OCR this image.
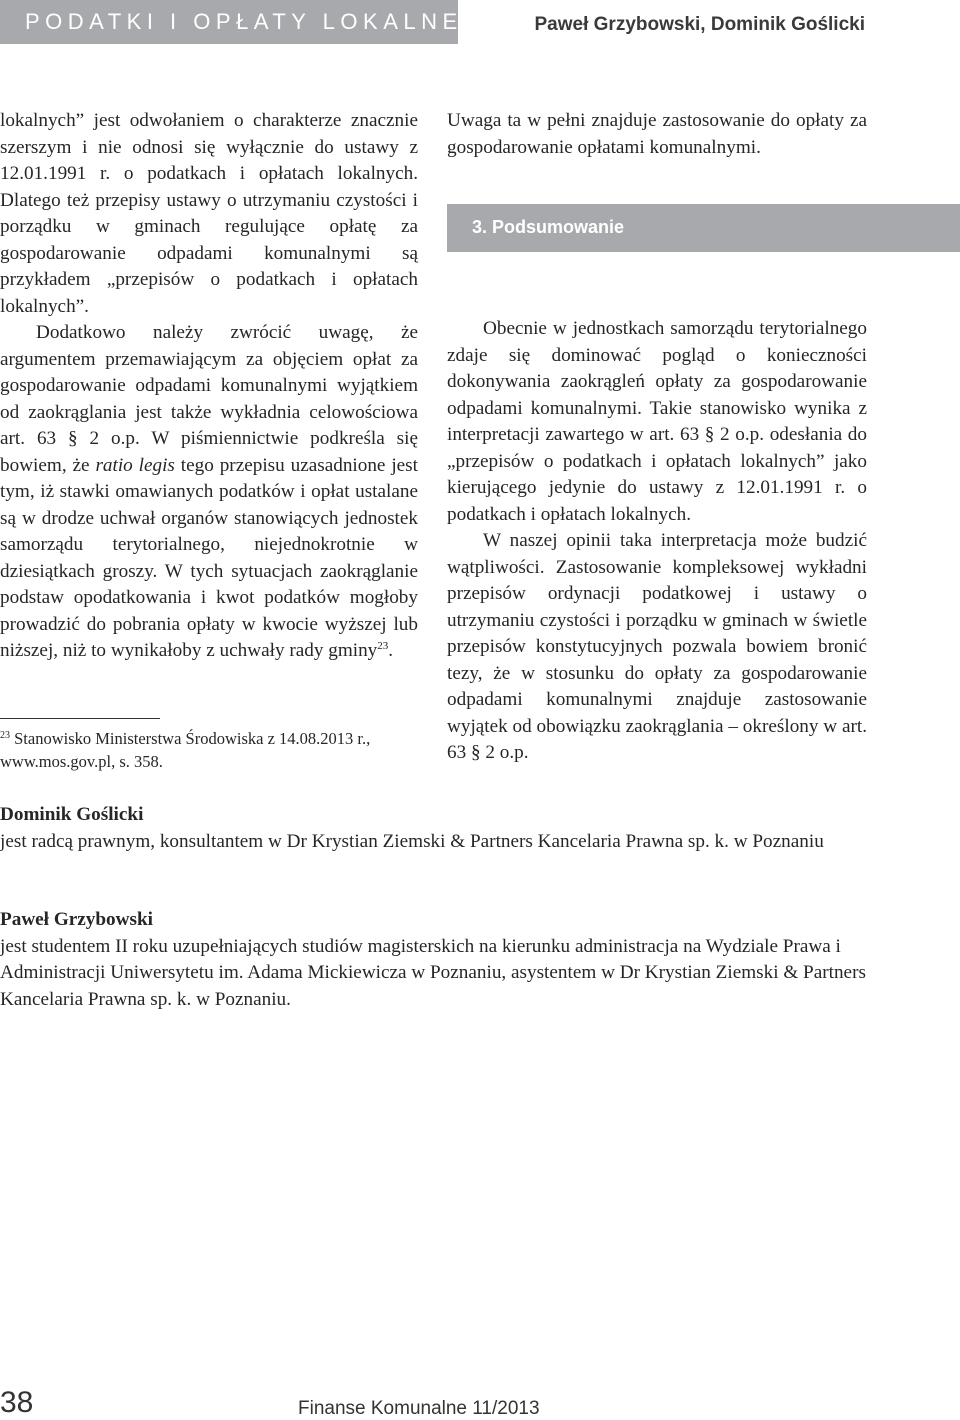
PODATKI I OPŁATY LOKALNE	Paweł Grzybowski, Dominik Goślicki

lokalnych” jest odwołaniem o charakterze znacznie szerszym i nie odnosi się wyłącznie do ustawy z 12.01.1991 r. o podatkach i opłatach lokalnych. Dlatego też przepisy ustawy o utrzymaniu czystości i porządku w gminach regulujące opłatę za gospodarowanie odpadami komunalnymi są przykładem „przepisów o podatkach i opłatach lokalnych”.

Dodatkowo należy zwrócić uwagę, że argumentem przemawiającym za objęciem opłat za gospodarowanie odpadami komunalnymi wyjątkiem od zaokrąglania jest także wykładnia celowościowa art. 63 § 2 o.p. W piśmiennictwie podkreśla się bowiem, że ratio legis tego przepisu uzasadnione jest tym, iż stawki omawianych podatków i opłat ustalane są w drodze uchwał organów stanowiących jednostek samorządu terytorialnego, niejednokrotnie w dziesiątkach groszy. W tych sytuacjach zaokrąglanie podstaw opodatkowania i kwot podatków mogłoby prowadzić do pobrania opłaty w kwocie wyższej lub niższej, niż to wynikałoby z uchwały rady gminy$^{23}$.

$^{23}$ Stanowisko Ministerstwa Środowiska z 14.08.2013 r., www.mos.gov.pl, s. 358.
3. Podsumowanie

Uwaga ta w pełni znajduje zastosowanie do opłaty za gospodarowanie opłatami komunalnymi.

Obecnie w jednostkach samorządu terytorialnego zdaje się dominować pogląd o konieczności dokonywania zaokrągleń opłaty za gospodarowanie odpadami komunalnymi. Takie stanowisko wynika z interpretacji zawartego w art. 63 § 2 o.p. odesłania do „przepisów o podatkach i opłatach lokalnych” jako kierującego jedynie do ustawy z 12.01.1991 r. o podatkach i opłatach lokalnych.

W naszej opinii taka interpretacja może budzić wątpliwości. Zastosowanie kompleksowej wykładni przepisów ordynacji podatkowej i ustawy o utrzymaniu czystości i porządku w gminach w świetle przepisów konstytucyjnych pozwala bowiem bronić tezy, że w stosunku do opłaty za gospodarowanie odpadami komunalnymi znajduje zastosowanie wyjątek od obowiązku zaokrąglania – określony w art. 63 § 2 o.p.

Dominik Goślicki

jest radcą prawnym, konsultantem w Dr Krystian Ziemski & Partners Kancelaria Prawna sp. k. w Poznaniu

Paweł Grzybowski

jest studentem II roku uzupełniających studiów magisterskich na kierunku administracja na Wydziale Prawa i Administracji Uniwersytetu im. Adama Mickiewicza w Poznaniu, asystentem w Dr Krystian Ziemski & Partners Kancelaria Prawna sp. k. w Poznaniu.

38	Finanse Komunalne 11/2013
